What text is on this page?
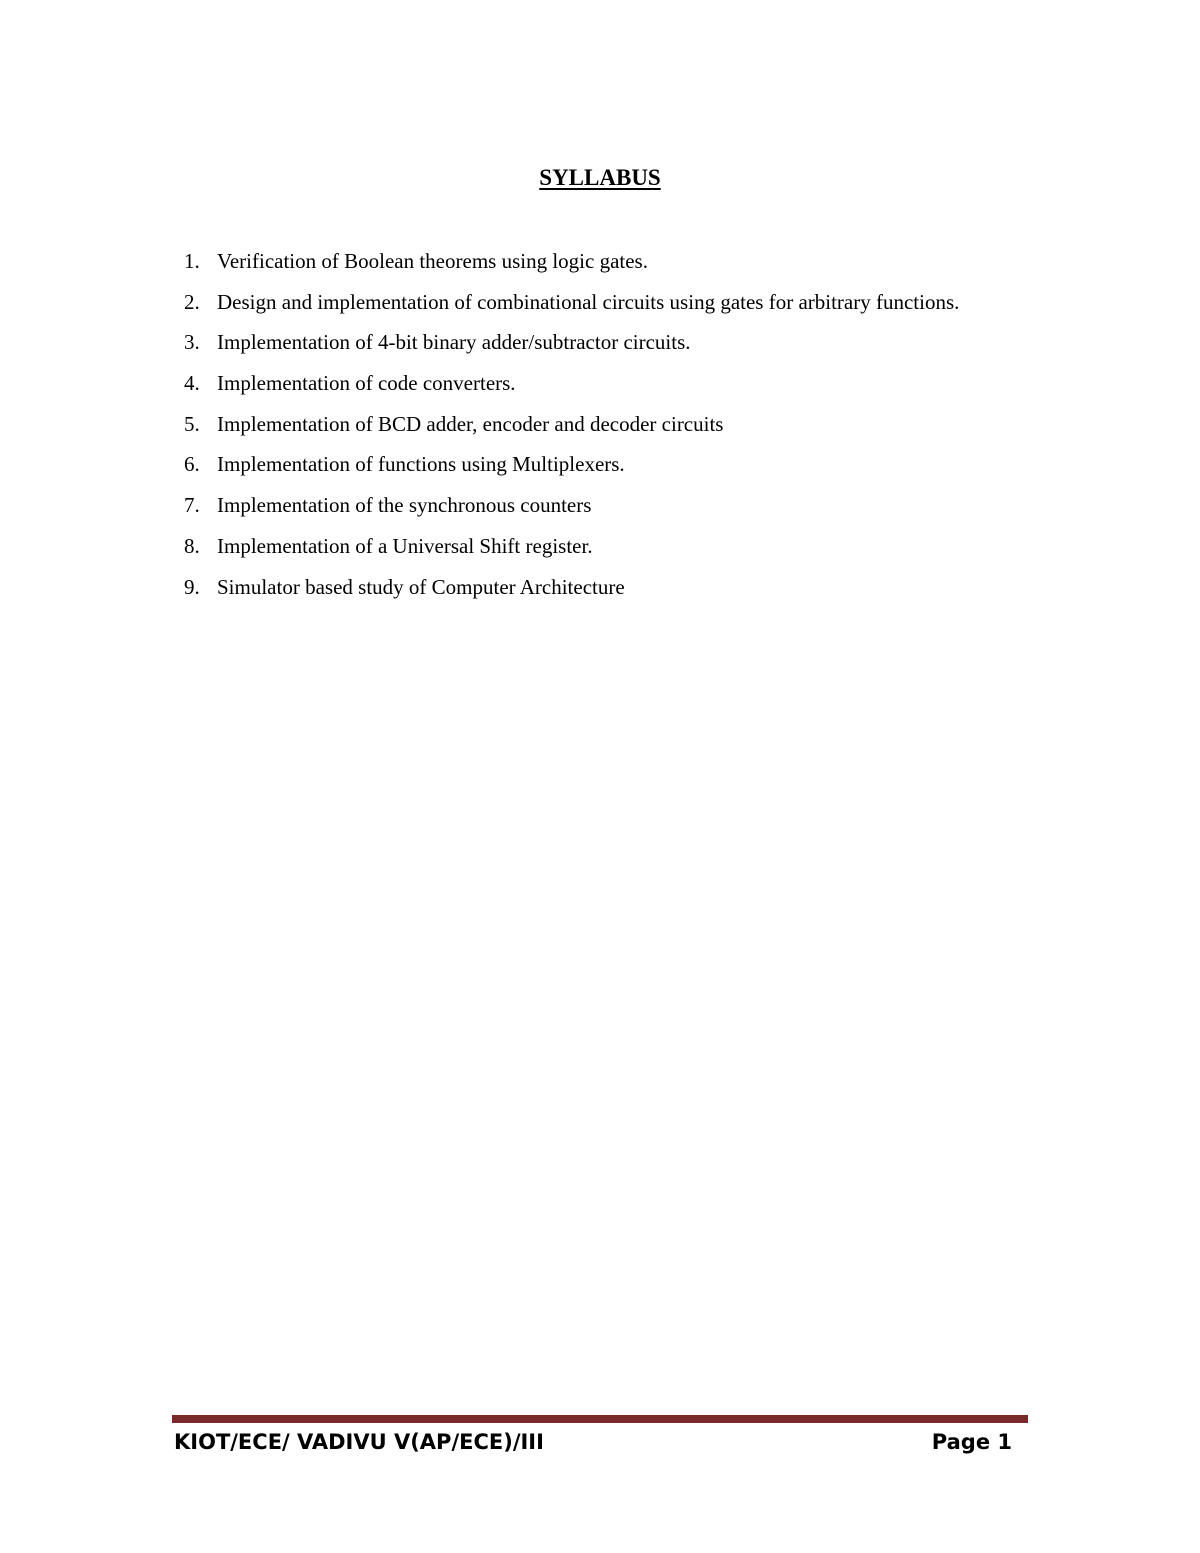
SYLLABUS
1. Verification of Boolean theorems using logic gates.
2. Design and implementation of combinational circuits using gates for arbitrary functions.
3. Implementation of 4-bit binary adder/subtractor circuits.
4. Implementation of code converters.
5. Implementation of BCD adder, encoder and decoder circuits
6. Implementation of functions using Multiplexers.
7. Implementation of the synchronous counters
8. Implementation of a Universal Shift register.
9. Simulator based study of Computer Architecture
KIOT/ECE/ VADIVU V(AP/ECE)/III	Page 1
